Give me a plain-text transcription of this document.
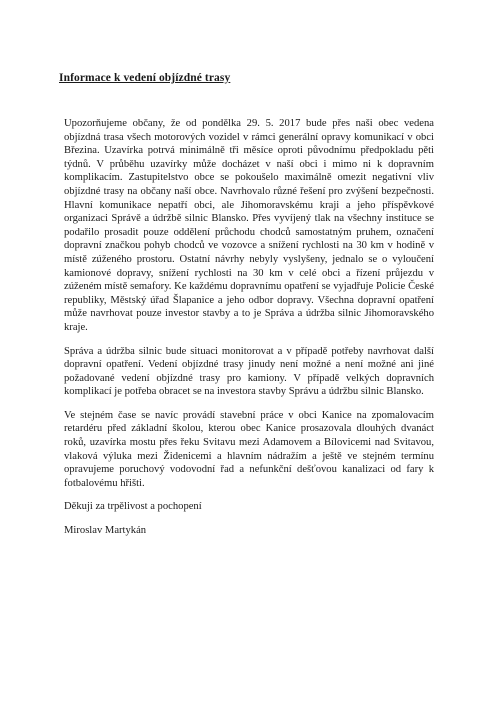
Informace k vedení objízdné trasy

Upozorňujeme občany, že od pondělka 29. 5. 2017 bude přes naši obec vedena objízdná trasa všech motorových vozidel v rámci generální opravy komunikací v obci Březina. Uzavírka potrvá minimálně tři měsíce oproti původnímu předpokladu pěti týdnů. V průběhu uzavírky může docházet v naší obci i mimo ni k dopravním komplikacím. Zastupitelstvo obce se pokoušelo maximálně omezit negativní vliv objízdné trasy na občany naší obce. Navrhovalo různé řešení pro zvýšení bezpečnosti. Hlavní komunikace nepatří obci, ale Jihomoravskému kraji a jeho příspěvkové organizaci Správě a údržbě silnic Blansko. Přes vyvíjený tlak na všechny instituce se podařilo prosadit pouze oddělení průchodu chodců samostatným pruhem, označení dopravní značkou pohyb chodců ve vozovce a snížení rychlosti na 30 km v hodině v místě zúženého prostoru. Ostatní návrhy nebyly vyslyšeny, jednalo se o vyloučení kamionové dopravy, snížení rychlosti na 30 km v celé obci a řízení průjezdu v zúženém místě semafory. Ke každému dopravnímu opatření se vyjadřuje Policie České republiky, Městský úřad Šlapanice a jeho odbor dopravy. Všechna dopravní opatření může navrhovat pouze investor stavby a to je Správa a údržba silnic Jihomoravského kraje.

Správa a údržba silnic bude situaci monitorovat a v případě potřeby navrhovat další dopravní opatření. Vedení objízdné trasy jinudy není možné a není možné ani jiné požadované vedení objízdné trasy pro kamiony. V případě velkých dopravních komplikací je potřeba obracet se na investora stavby Správu a údržbu silnic Blansko.

Ve stejném čase se navíc provádí stavební práce v obci Kanice na zpomalovacím retardéru před základní školou, kterou obec Kanice prosazovala dlouhých dvanáct roků, uzavírka mostu přes řeku Svitavu mezi Adamovem a Bílovicemi nad Svitavou, vlaková výluka mezi Židenicemi a hlavním nádražím a ještě ve stejném termínu opravujeme poruchový vodovodní řad a nefunkční dešťovou kanalizaci od fary k fotbalovému hřišti.

Děkuji za trpělivost a pochopení

Miroslav Martykán
